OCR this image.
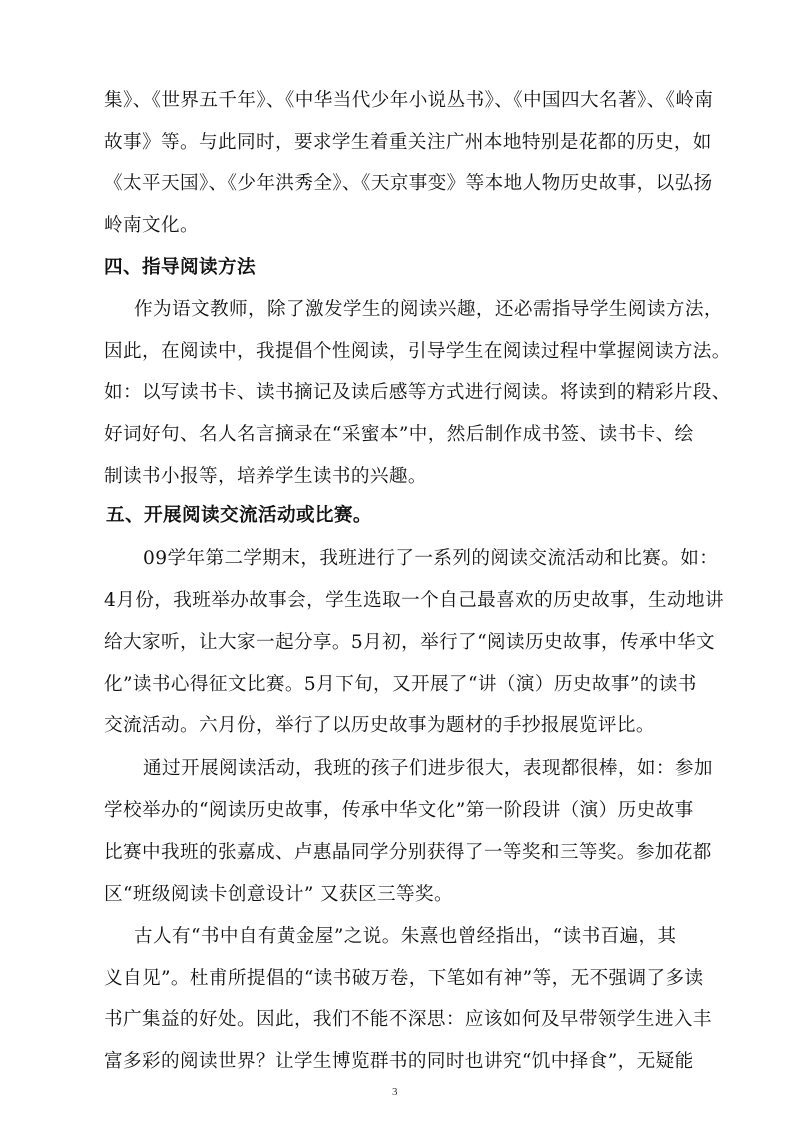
集》、《世界五千年》、《中华当代少年小说丛书》、《中国四大名著》、《岭南
故事》等。与此同时，要求学生着重关注广州本地特别是花都的历史，如
《太平天国》、《少年洪秀全》、《天京事变》等本地人物历史故事，以弘扬
岭南文化。
四、指导阅读方法
作为语文教师，除了激发学生的阅读兴趣，还必需指导学生阅读方法，
因此，在阅读中，我提倡个性阅读，引导学生在阅读过程中掌握阅读方法。
如：以写读书卡、读书摘记及读后感等方式进行阅读。将读到的精彩片段、
好词好句、名人名言摘录在“采蜜本”中，然后制作成书签、读书卡、绘
制读书小报等，培养学生读书的兴趣。
五、开展阅读交流活动或比赛。
09学年第二学期末，我班进行了一系列的阅读交流活动和比赛。如：
4月份，我班举办故事会，学生选取一个自己最喜欢的历史故事，生动地讲
给大家听，让大家一起分享。5月初，举行了“阅读历史故事，传承中华文
化”读书心得征文比赛。5月下旬，又开展了“讲（演）历史故事”的读书
交流活动。六月份，举行了以历史故事为题材的手抄报展览评比。
通过开展阅读活动，我班的孩子们进步很大，表现都很棒，如：参加
学校举办的“阅读历史故事，传承中华文化”第一阶段讲（演）历史故事
比赛中我班的张嘉成、卢惠晶同学分别获得了一等奖和三等奖。参加花都
区“班级阅读卡创意设计” 又获区三等奖。
古人有“书中自有黄金屋”之说。朱熹也曾经指出，“读书百遍，其
义自见”。杜甫所提倡的“读书破万卷，下笔如有神”等，无不强调了多读
书广集益的好处。因此，我们不能不深思：应该如何及早带领学生进入丰
富多彩的阅读世界？让学生博览群书的同时也讲究“饥中择食”，无疑能
3
